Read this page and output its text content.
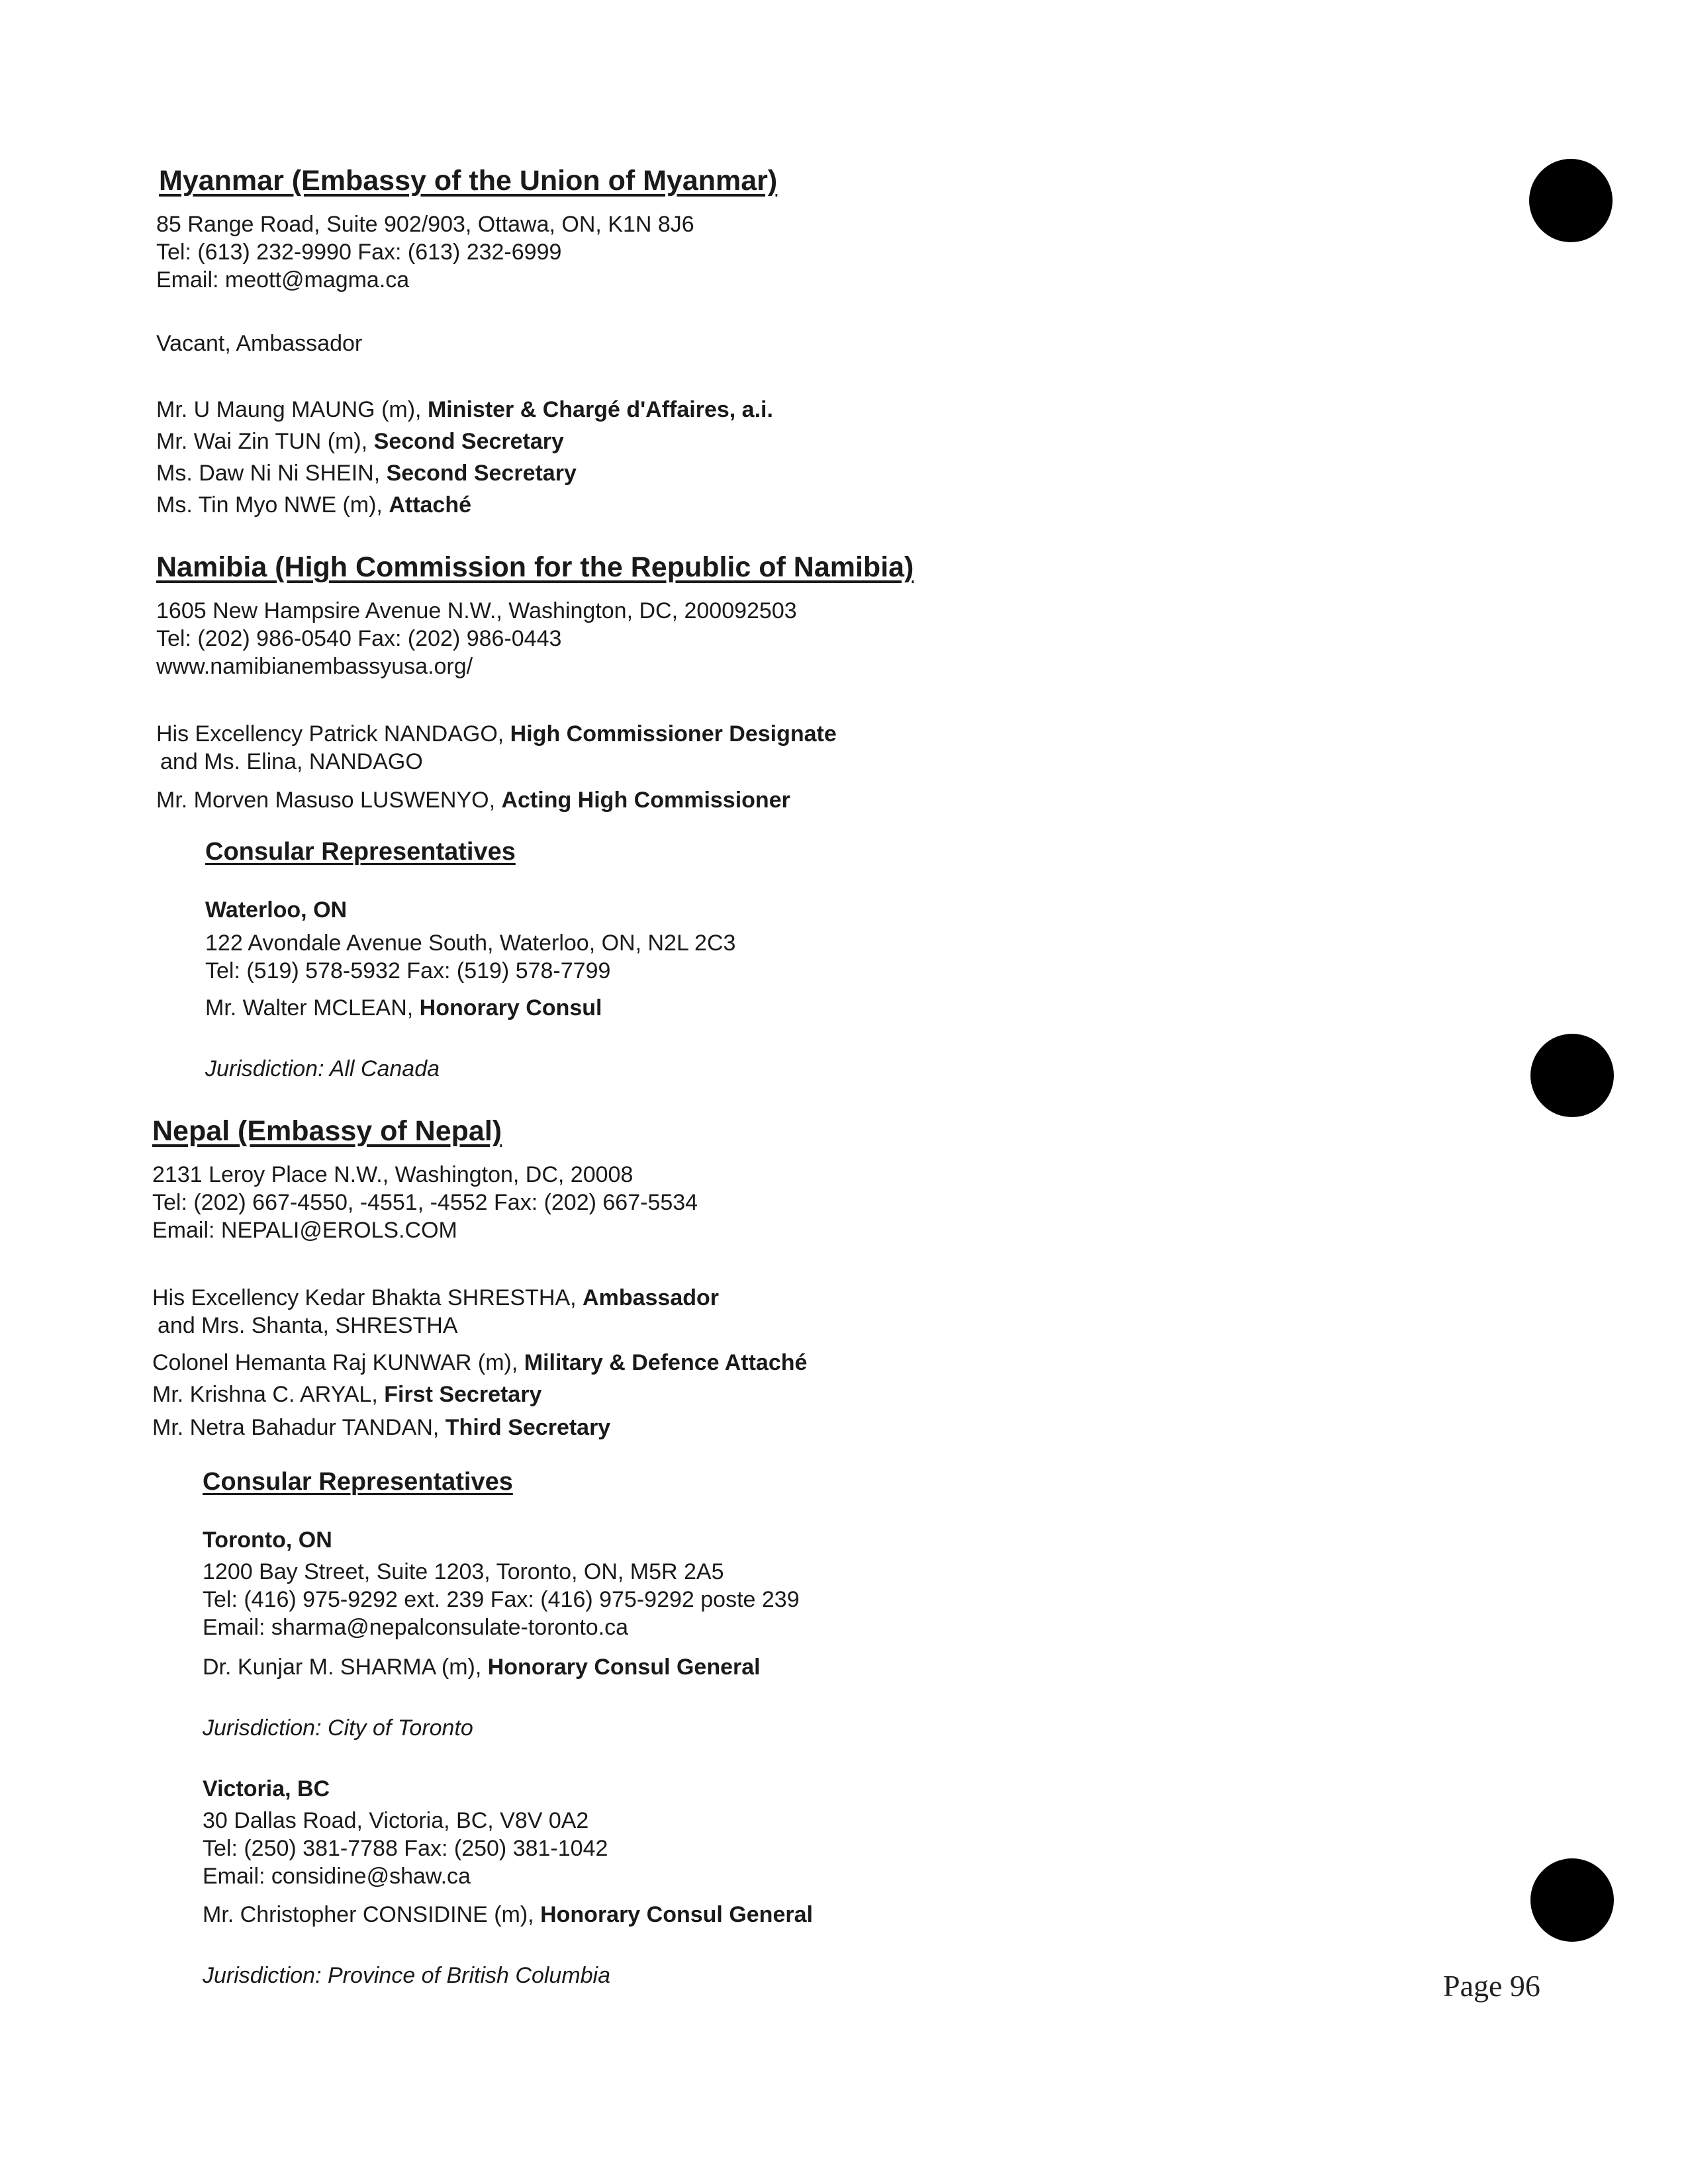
Myanmar (Embassy of the Union of Myanmar)
85 Range Road, Suite 902/903, Ottawa, ON, K1N 8J6
Tel: (613) 232-9990 Fax: (613) 232-6999
Email: meott@magma.ca
Vacant, Ambassador
Mr. U Maung MAUNG (m), Minister & Chargé d'Affaires, a.i.
Mr. Wai Zin TUN (m), Second Secretary
Ms. Daw Ni Ni SHEIN, Second Secretary
Ms. Tin Myo NWE (m), Attaché
Namibia (High Commission for the Republic of Namibia)
1605 New Hampsire Avenue N.W., Washington, DC, 200092503
Tel: (202) 986-0540 Fax: (202) 986-0443
www.namibianembassyusa.org/
His Excellency Patrick NANDAGO, High Commissioner Designate
and Ms. Elina, NANDAGO
Mr. Morven Masuso LUSWENYO, Acting High Commissioner
Consular Representatives
Waterloo, ON
122 Avondale Avenue South, Waterloo, ON, N2L 2C3
Tel: (519) 578-5932 Fax: (519) 578-7799
Mr. Walter MCLEAN, Honorary Consul
Jurisdiction: All Canada
Nepal (Embassy of Nepal)
2131 Leroy Place N.W., Washington, DC, 20008
Tel: (202) 667-4550, -4551, -4552 Fax: (202) 667-5534
Email: NEPALI@EROLS.COM
His Excellency Kedar Bhakta SHRESTHA, Ambassador
and Mrs. Shanta, SHRESTHA
Colonel Hemanta Raj KUNWAR (m), Military & Defence Attaché
Mr. Krishna C. ARYAL, First Secretary
Mr. Netra Bahadur TANDAN, Third Secretary
Consular Representatives
Toronto, ON
1200 Bay Street, Suite 1203, Toronto, ON, M5R 2A5
Tel: (416) 975-9292 ext. 239 Fax: (416) 975-9292 poste 239
Email: sharma@nepalconsulate-toronto.ca
Dr. Kunjar M. SHARMA (m), Honorary Consul General
Jurisdiction: City of Toronto
Victoria, BC
30 Dallas Road, Victoria, BC, V8V 0A2
Tel: (250) 381-7788 Fax: (250) 381-1042
Email: considine@shaw.ca
Mr. Christopher CONSIDINE (m), Honorary Consul General
Jurisdiction: Province of British Columbia	Page 96
